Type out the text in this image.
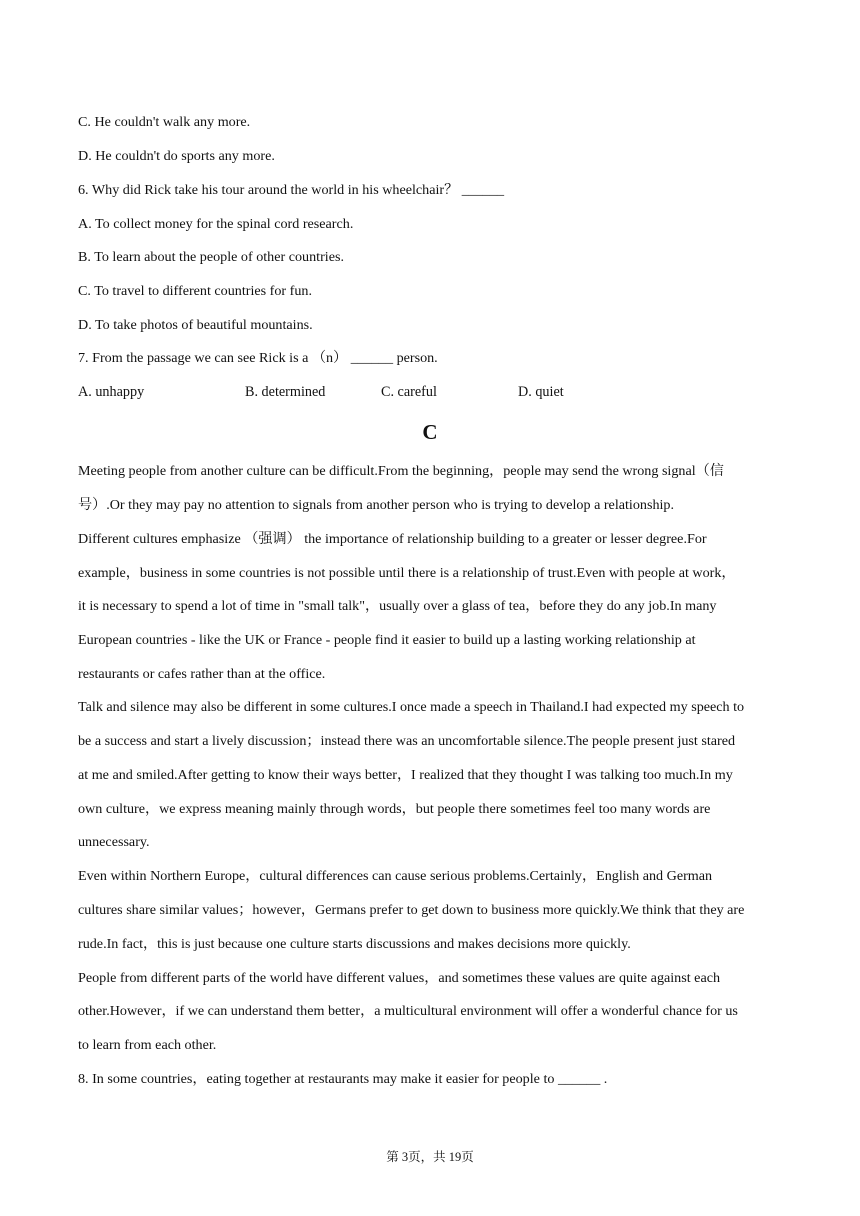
C. He couldn't walk any more.
D. He couldn't do sports any more.
6. Why did Rick take his tour around the world in his wheelchair？ ______
A. To collect money for the spinal cord research.
B. To learn about the people of other countries.
C. To travel to different countries for fun.
D. To take photos of beautiful mountains.
7. From the passage we can see Rick is a （n） ______ person.
A. unhappy	B. determined	C. careful	D. quiet
C
Meeting people from another culture can be difficult.From the beginning，people may send the wrong signal（信
号）.Or they may pay no attention to signals from another person who is trying to develop a relationship.
Different cultures emphasize （强调） the importance of relationship building to a greater or lesser degree.For
example，business in some countries is not possible until there is a relationship of trust.Even with people at work，
it is necessary to spend a lot of time in "small talk"，usually over a glass of tea，before they do any job.In many
European countries - like the UK or France - people find it easier to build up a lasting working relationship at
restaurants or cafes rather than at the office.
Talk and silence may also be different in some cultures.I once made a speech in Thailand.I had expected my speech to
be a success and start a lively discussion；instead there was an uncomfortable silence.The people present just stared
at me and smiled.After getting to know their ways better，I realized that they thought I was talking too much.In my
own culture，we express meaning mainly through words，but people there sometimes feel too many words are
unnecessary.
Even within Northern Europe，cultural differences can cause serious problems.Certainly，English and German
cultures share similar values；however，Germans prefer to get down to business more quickly.We think that they are
rude.In fact，this is just because one culture starts discussions and makes decisions more quickly.
People from different parts of the world have different values，and sometimes these values are quite against each
other.However，if we can understand them better，a multicultural environment will offer a wonderful chance for us
to learn from each other.
8. In some countries，eating together at restaurants may make it easier for people to ______ .
第 3页，共 19页
